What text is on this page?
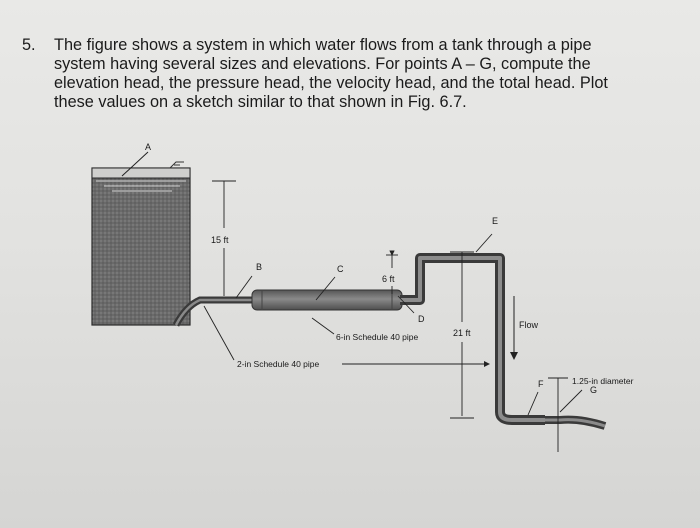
5. The figure shows a system in which water flows from a tank through a pipe
system having several sizes and elevations. For points A – G, compute the
elevation head, the pressure head, the velocity head, and the total head. Plot
these values on a sketch similar to that shown in Fig. 6.7.
A
15 ft
B	C
D
E
F
G
6 ft
21 ft
Flow
6-in Schedule 40 pipe
2-in Schedule 40 pipe
1.25-in diameter
